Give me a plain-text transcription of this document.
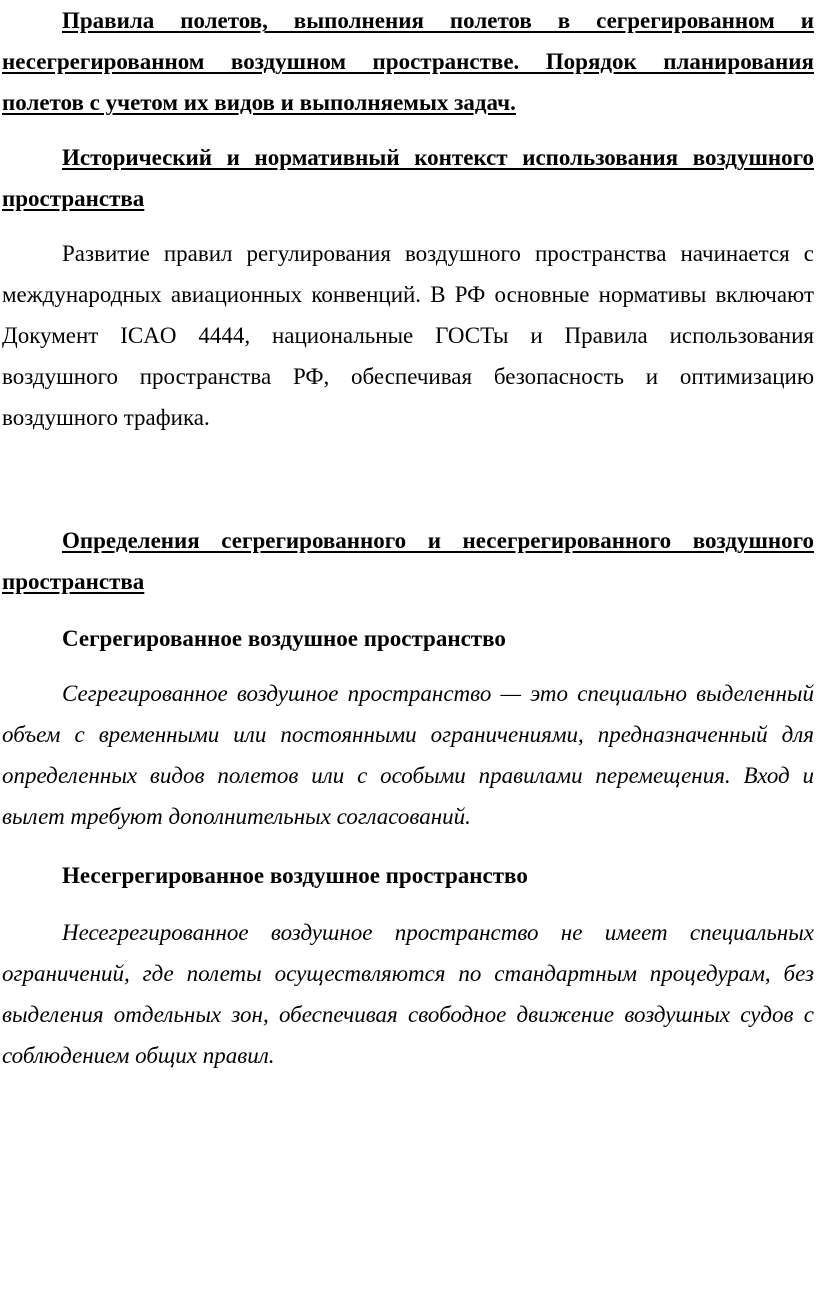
Правила полетов, выполнения полетов в сегрегированном и несегрегированном воздушном пространстве. Порядок планирования полетов с учетом их видов и выполняемых задач.

Исторический и нормативный контекст использования воздушного пространства

Развитие правил регулирования воздушного пространства начинается с международных авиационных конвенций. В РФ основные нормативы включают Документ ICAO 4444, национальные ГОСТы и Правила использования воздушного пространства РФ, обеспечивая безопасность и оптимизацию воздушного трафика.

Определения сегрегированного и несегрегированного воздушного пространства

Сегрегированное воздушное пространство

Сегрегированное воздушное пространство — это специально выделенный объем с временными или постоянными ограничениями, предназначенный для определенных видов полетов или с особыми правилами перемещения. Вход и вылет требуют дополнительных согласований.

Несегрегированное воздушное пространство

Несегрегированное воздушное пространство не имеет специальных ограничений, где полеты осуществляются по стандартным процедурам, без выделения отдельных зон, обеспечивая свободное движение воздушных судов с соблюдением общих правил.
